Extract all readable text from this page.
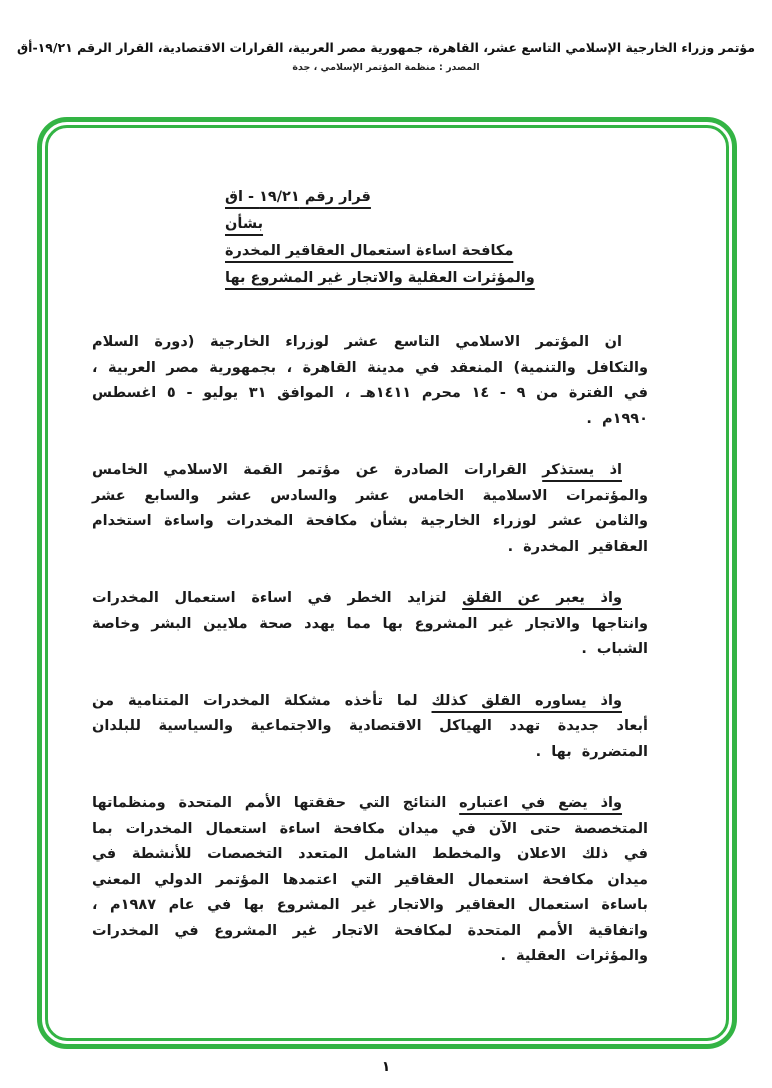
مؤتمر وزراء الخارجية الإسلامي التاسع عشر، القاهرة، جمهورية مصر العربية، القرارات الاقتصادية، القرار الرقم ١٩/٢١-أق
المصدر : منظمة المؤتمر الإسلامي ، جدة
قرار رقم ١٩/٢١ - اق
بشأن
مكافحة اساءة استعمال العقاقير المخدرة
والمؤثرات العقلية والاتجار غير المشروع بها

ان المؤتمر الاسلامي التاسع عشر لوزراء الخارجية (دورة السلام والتكافل والتنمية) المنعقد في مدينة القاهرة ، بجمهورية مصر العربية ، في الفترة من ٩ - ١٤ محرم ١٤١١هـ ، الموافق ٣١ يوليو - ٥ اغسطس ١٩٩٠م .

اذ يستذكر القرارات الصادرة عن مؤتمر القمة الاسلامي الخامس والمؤتمرات الاسلامية الخامس عشر والسادس عشر والسابع عشر والثامن عشر لوزراء الخارجية بشأن مكافحة المخدرات واساءة استخدام العقاقير المخدرة .

واذ يعبر عن القلق لتزايد الخطر في اساءة استعمال المخدرات وانتاجها والاتجار غير المشروع بها مما يهدد صحة ملايين البشر وخاصة الشباب .

واذ يساوره القلق كذلك لما تأخذه مشكلة المخدرات المتنامية من أبعاد جديدة تهدد الهياكل الاقتصادية والاجتماعية والسياسية للبلدان المتضررة بها .

واذ يضع في اعتباره النتائج التي حققتها الأمم المتحدة ومنظماتها المتخصصة حتى الآن في ميدان مكافحة اساءة استعمال المخدرات بما في ذلك الاعلان والمخطط الشامل المتعدد التخصصات للأنشطة في ميدان مكافحة استعمال العقاقير التي اعتمدها المؤتمر الدولي المعني باساءة استعمال العقاقير والاتجار غير المشروع بها في عام ١٩٨٧م ، واتفاقية الأمم المتحدة لمكافحة الاتجار غير المشروع في المخدرات والمؤثرات العقلية .

١
